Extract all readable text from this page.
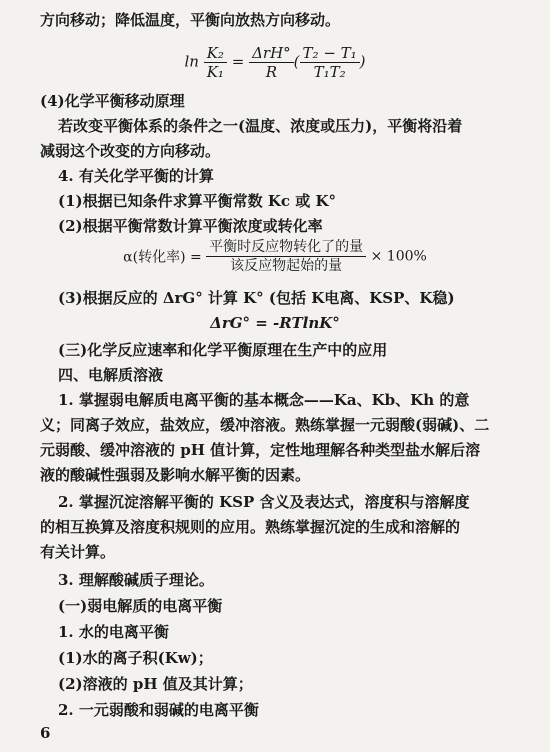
方向移动；降低温度，平衡向放热方向移动。
$\ln \frac{\text{K₂}}{\text{K₁}} = \frac{\text{ΔrH°}}{R}$ ( $\frac{\text{T₂ − T₁}}{\text{T₁T₂}}$ )
(4)化学平衡移动原理
若改变平衡体系的条件之一(温度、浓度或压力)，平衡将沿着
减弱这个改变的方向移动。
4. 有关化学平衡的计算
(1)根据已知条件求算平衡常数 Kc 或 K°
(2)根据平衡常数计算平衡浓度或转化率
α(转化率) = $\frac{\text{平衡时反应物转化了的量}}{\text{该反应物起始的量}} \times 100\%$
(3)根据反应的 ΔrG° 计算 K° (包括 K电离、KSP、K稳)
ΔrG° = -RTlnK°
(三)化学反应速率和化学平衡原理在生产中的应用
四、电解质溶液
1. 掌握弱电解质电离平衡的基本概念——Ka、Kb、Kh 的意
义；同离子效应，盐效应，缓冲溶液。熟练掌握一元弱酸(弱碱)、二
元弱酸、缓冲溶液的 pH 值计算，定性地理解各种类型盐水解后溶
液的酸碱性强弱及影响水解平衡的因素。
2. 掌握沉淀溶解平衡的 KSP 含义及表达式，溶度积与溶解度
的相互换算及溶度积规则的应用。熟练掌握沉淀的生成和溶解的
有关计算。
3. 理解酸碱质子理论。
(一)弱电解质的电离平衡
1. 水的电离平衡
(1)水的离子积(Kw)；
(2)溶液的 pH 值及其计算；
2. 一元弱酸和弱碱的电离平衡
6
